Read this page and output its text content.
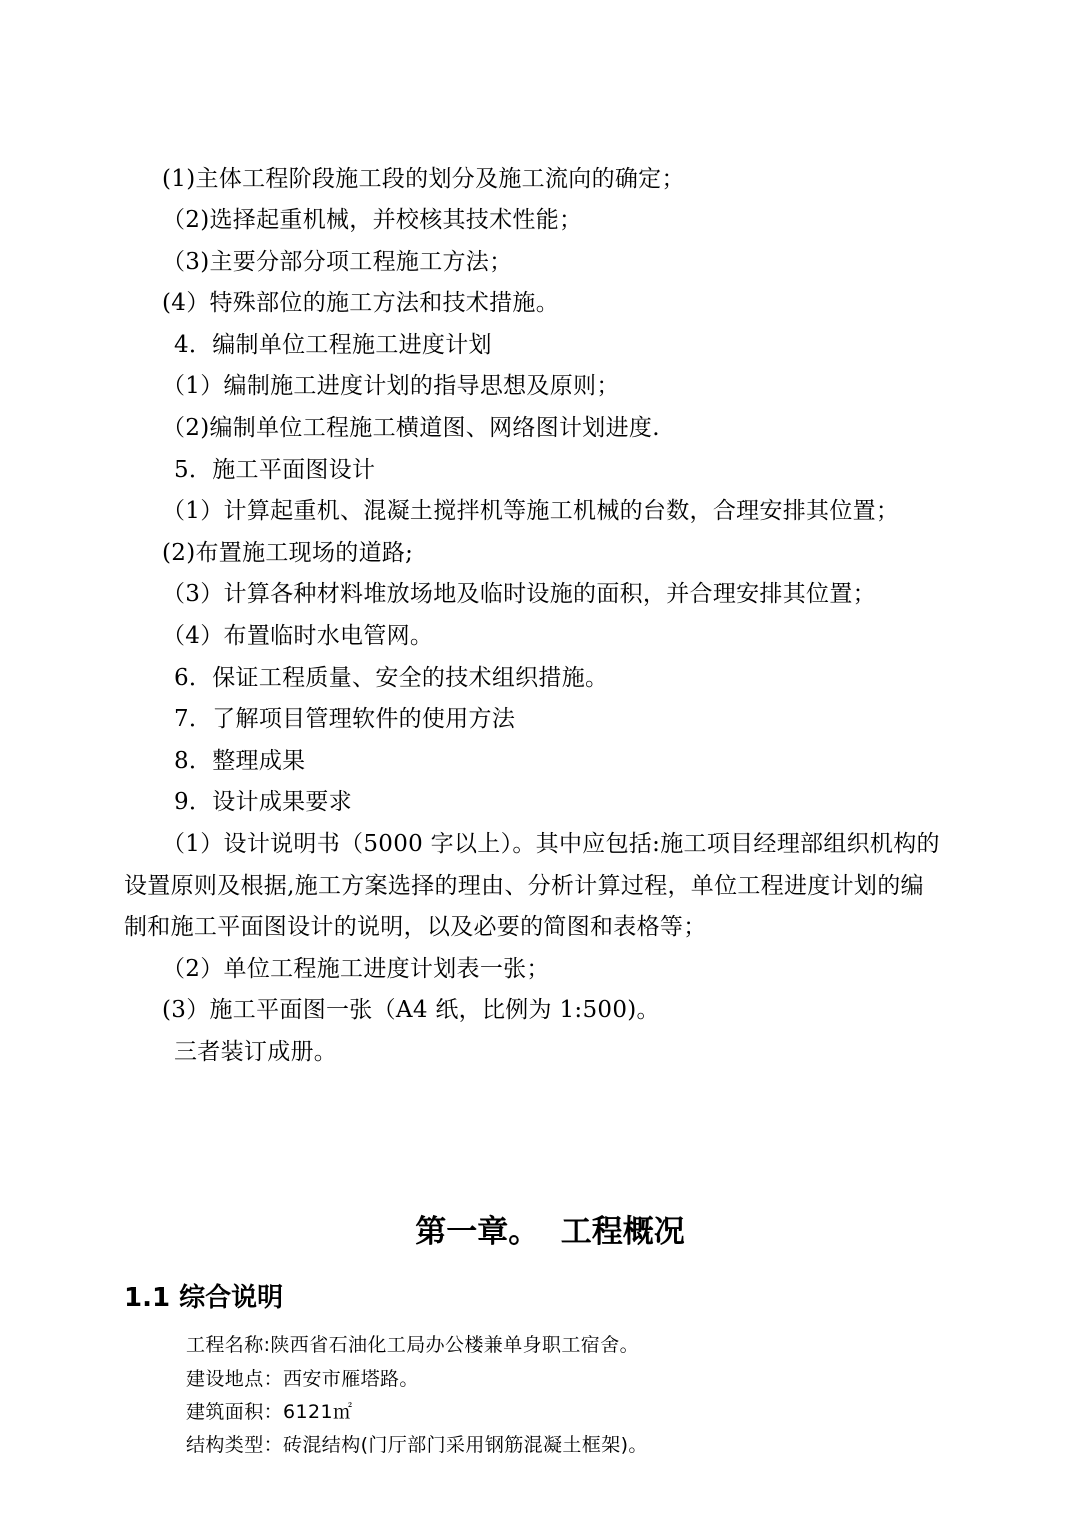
(1)主体工程阶段施工段的划分及施工流向的确定；
（2)选择起重机械，并校核其技术性能；
（3)主要分部分项工程施工方法；
(4）特殊部位的施工方法和技术措施。
4．编制单位工程施工进度计划
（1）编制施工进度计划的指导思想及原则；
（2)编制单位工程施工横道图、网络图计划进度.
5．施工平面图设计
（1）计算起重机、混凝土搅拌机等施工机械的台数，合理安排其位置；
(2)布置施工现场的道路;
（3）计算各种材料堆放场地及临时设施的面积，并合理安排其位置；
（4）布置临时水电管网。
6．保证工程质量、安全的技术组织措施。
7．了解项目管理软件的使用方法
8．整理成果
9．设计成果要求
（1）设计说明书（5000 字以上）。其中应包括:施工项目经理部组织机构的
设置原则及根据,施工方案选择的理由、分析计算过程，单位工程进度计划的编
制和施工平面图设计的说明，以及必要的简图和表格等；
（2）单位工程施工进度计划表一张；
(3）施工平面图一张（A4 纸，比例为 1:500)。
三者装订成册。
第一章。  工程概况
1.1 综合说明
工程名称:陕西省石油化工局办公楼兼单身职工宿舍。
建设地点：西安市雁塔路。
建筑面积：6121㎡
结构类型：砖混结构(门厅部门采用钢筋混凝土框架)。
